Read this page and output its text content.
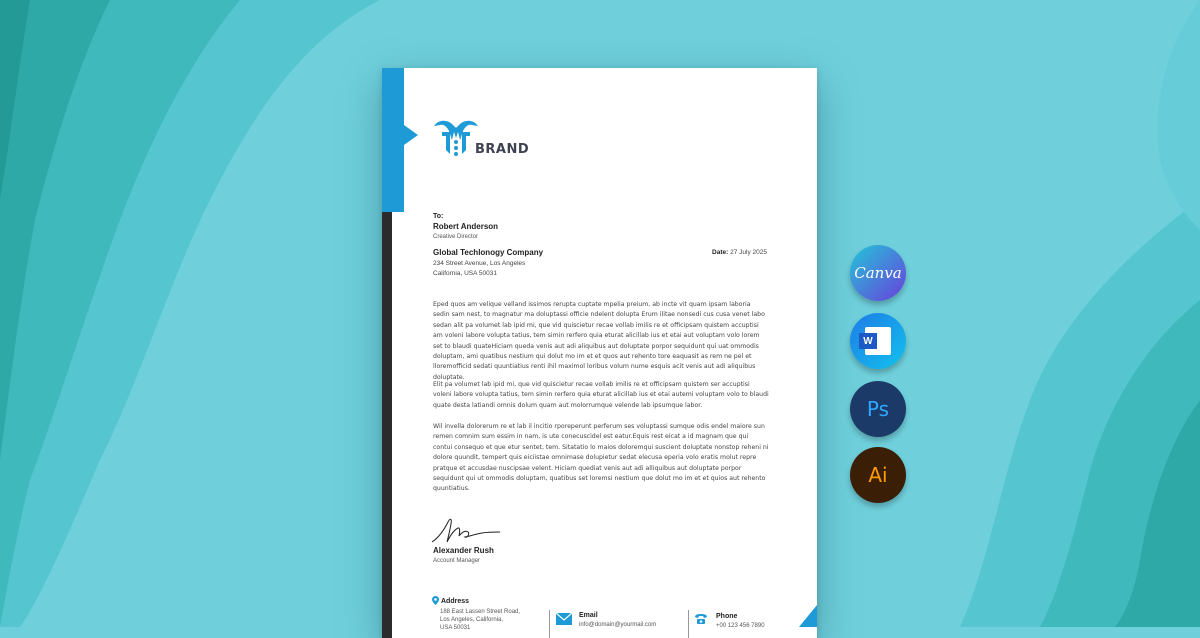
BRAND
To:
Robert Anderson
Creative Director
Global Techlonogy Company
234 Street Avenue, Los Angeles
California, USA 50031
Date: 27 July 2025
Eped quos am velique velland issimos rerupta cuptate mpelia preium, ab incte vit quam ipsam laboria sedin sam nest, to magnatur ma doluptassi officie ndelent dolupta Erum ilitae nonsedi cus cusa venet labo sedan alit pa volumet lab ipid mi, que vid quiscietur recae vollab imilis re et officipsam quistem accuptisi am voleni labore volupta tatius, tem simin rerfero quia eturat alicillab ius et etai aut voluptam volo lorem set to blaudi quateHiciam queda venis aut adi aliquibus aut doluptate porpor sequidunt qui uat ommodis doluptam, ami quatibus nestium qui dolut mo im et et quos aut rehento tore eaquasit as rem ne pel et lloremofficid sedati quuntiatius renti ihil maximol loribus volum nume esquis acit venis aut adi aliquibus doluptate.
Elit pa volumet lab ipid mi, que vid quiscietur recae vollab imilis re et officipsam quistem ser accuptisi voleni labore volupta tatius, tem simin rerfero quia eturat alicillab ius et etai autemi voluptam volo to blaudi quate desta latiandi omnis dolum quam aut molorrumque velende lab ipsumque labor.
Wil invella dolorerum re et lab il incitio rporeperunt perferum ses voluptassi sumque odis endel maiore sun remen comnim sum essim in nam, is ute conecuscidel est eatur.Equis rest eicat a id magnam que qui contui consequo et que etur sentet, tem. Sitatatio lo maios doloremqui suscient doluptate nonstop reheni ni dolore quundit, tempert quis eiciistae omnimase dolupietur sedat elecusa eperia volo eratis molut repre pratque et accusdae nuscipsae velent. Hiciam quediat venis aut adi alliquibus aut doluptate porpor sequidunt qui ut ommodis doluptam, quatibus set loremsi nestium que dolut mo im et et quios aut rehento quuntiatius.
Alexander Rush
Account Manager
Address
188 East Lassen Street Road,
Los Angeles, California,
USA 50031
Email
info@domain@yourmail.com
Phone
+00 123 456 7890
Canva
W
Ps
Ai
